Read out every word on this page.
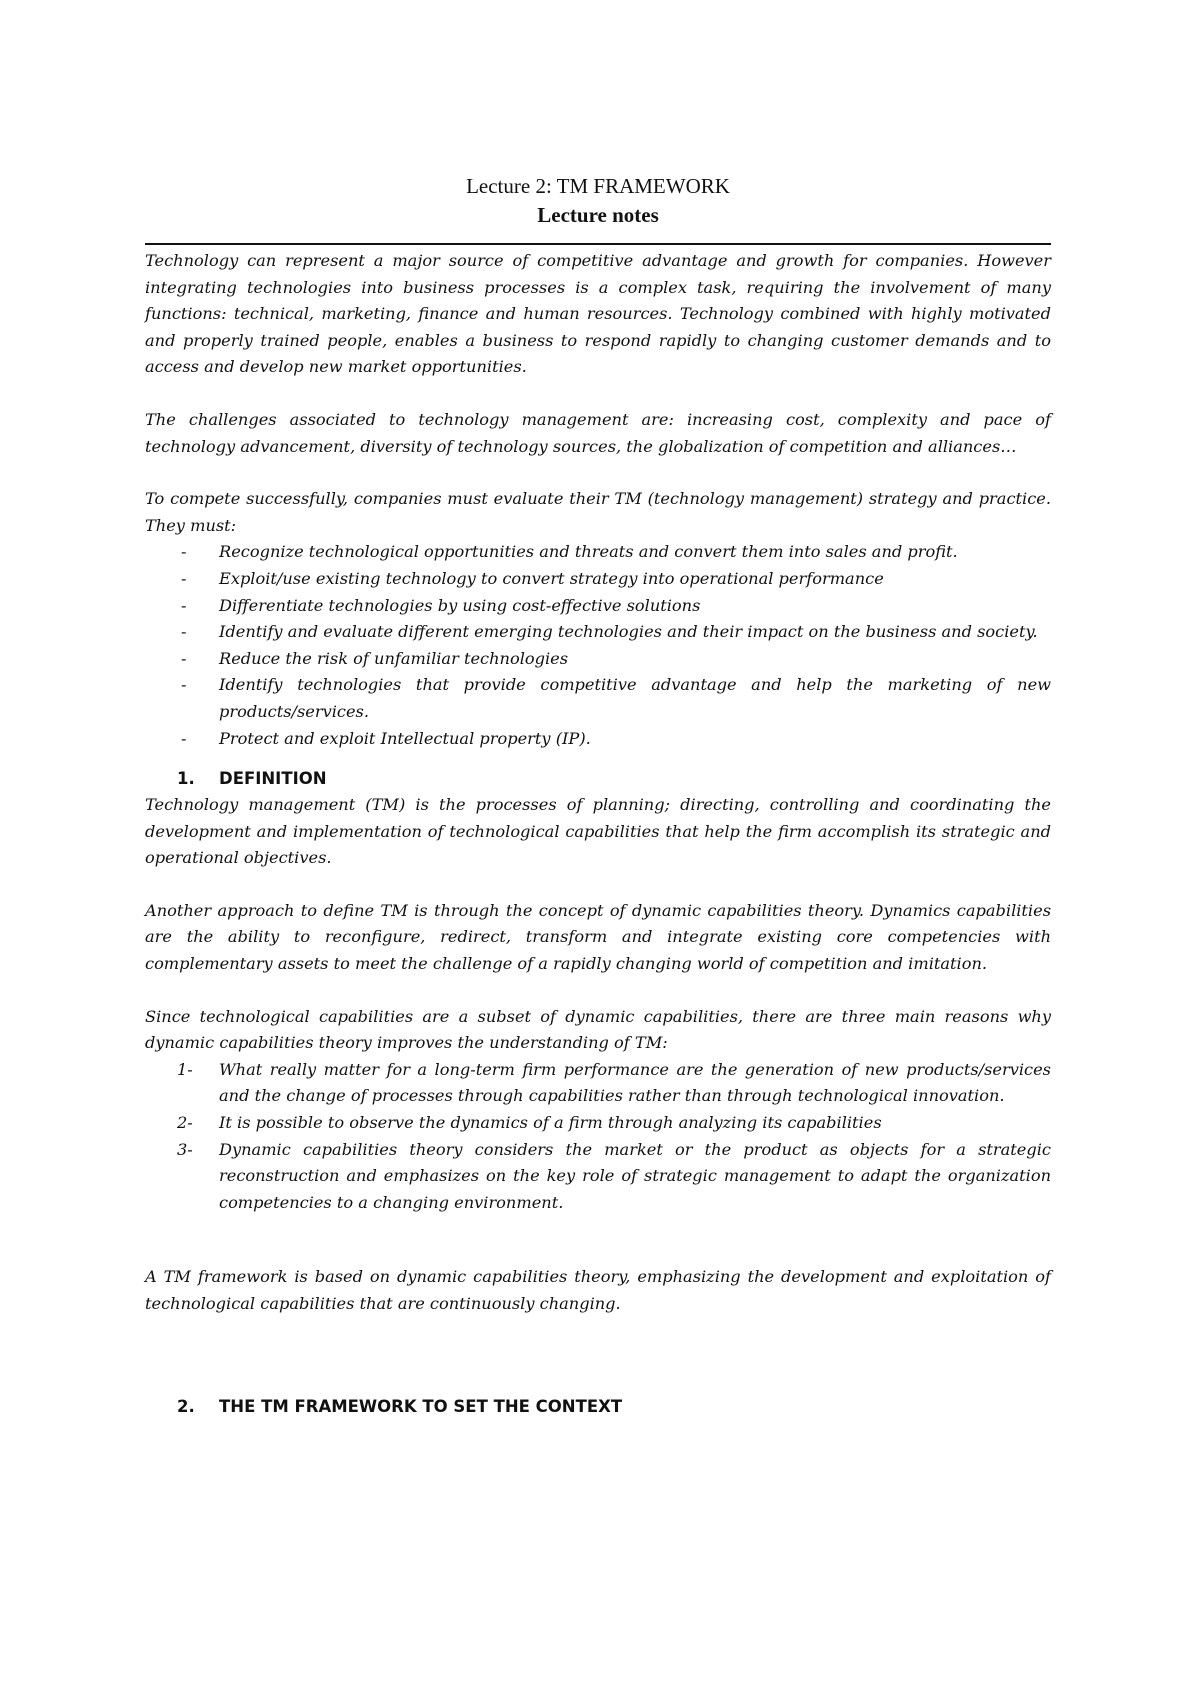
Lecture 2: TM FRAMEWORK
Lecture notes

Technology can represent a major source of competitive advantage and growth for companies. However integrating technologies into business processes is a complex task, requiring the involvement of many functions: technical, marketing, finance and human resources. Technology combined with highly motivated and properly trained people, enables a business to respond rapidly to changing customer demands and to access and develop new market opportunities.

The challenges associated to technology management are: increasing cost, complexity and pace of technology advancement, diversity of technology sources, the globalization of competition and alliances…

To compete successfully, companies must evaluate their TM (technology management) strategy and practice. They must:

- Recognize technological opportunities and threats and convert them into sales and profit.
- Exploit/use existing technology to convert strategy into operational performance
- Differentiate technologies by using cost-effective solutions
- Identify and evaluate different emerging technologies and their impact on the business and society.
- Reduce the risk of unfamiliar technologies
- Identify technologies that provide competitive advantage and help the marketing of new products/services.
- Protect and exploit Intellectual property (IP).
1. DEFINITION

Technology management (TM) is the processes of planning; directing, controlling and coordinating the development and implementation of technological capabilities that help the firm accomplish its strategic and operational objectives.

Another approach to define TM is through the concept of dynamic capabilities theory. Dynamics capabilities are the ability to reconfigure, redirect, transform and integrate existing core competencies with complementary assets to meet the challenge of a rapidly changing world of competition and imitation.

Since technological capabilities are a subset of dynamic capabilities, there are three main reasons why dynamic capabilities theory improves the understanding of TM:

1- What really matter for a long-term firm performance are the generation of new products/services and the change of processes through capabilities rather than through technological innovation.
2- It is possible to observe the dynamics of a firm through analyzing its capabilities
3- Dynamic capabilities theory considers the market or the product as objects for a strategic reconstruction and emphasizes on the key role of strategic management to adapt the organization competencies to a changing environment.

A TM framework is based on dynamic capabilities theory, emphasizing the development and exploitation of technological capabilities that are continuously changing.

2. THE TM FRAMEWORK TO SET THE CONTEXT
